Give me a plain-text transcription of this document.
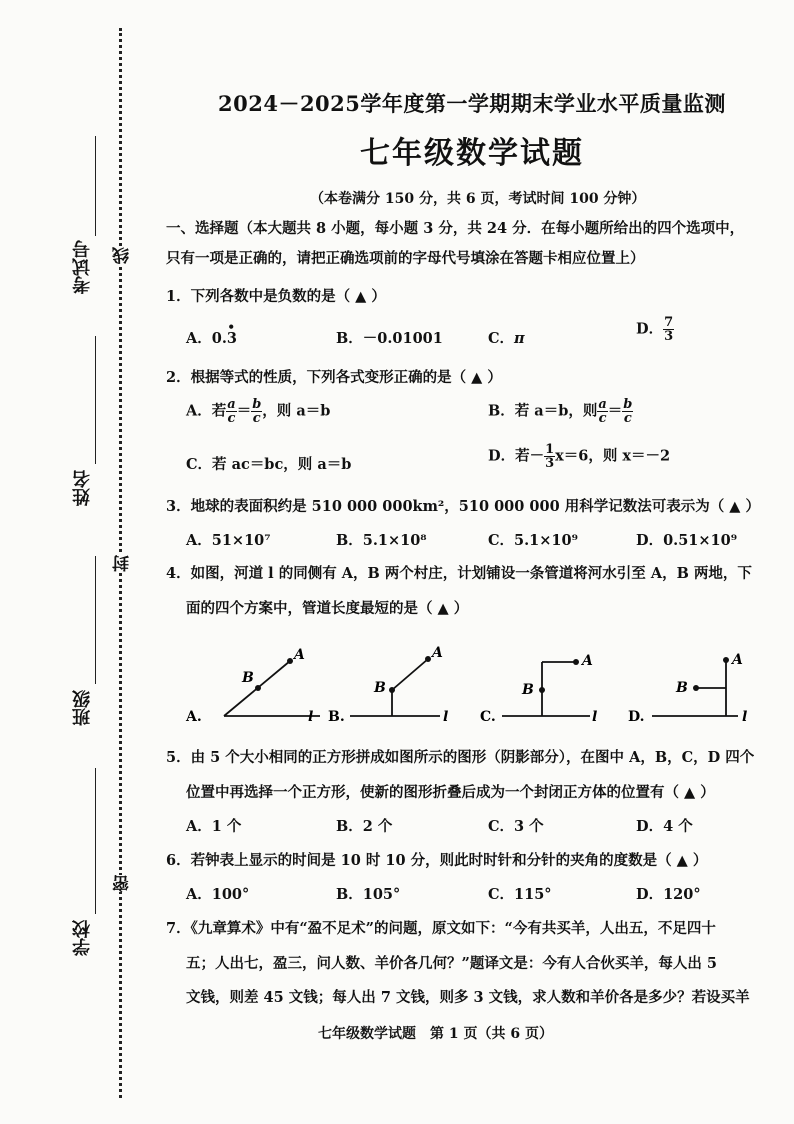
考试号
姓名
班级
学校
线
封
密
2024－2025学年度第一学期期末学业水平质量监测
七年级数学试题
（本卷满分 150 分，共 6 页，考试时间 100 分钟）
一、选择题（本大题共 8 小题，每小题 3 分，共 24 分．在每小题所给出的四个选项中，
只有一项是正确的，请把正确选项前的字母代号填涂在答题卡相应位置上）
1．下列各数中是负数的是（ ▲ ）
A．0.3
•
B．－0.01001	C．π
D． $\frac{7}{3}$
2．根据等式的性质，下列各式变形正确的是（ ▲ ）
A．若 $\frac{a}{c} = \frac{b}{c}$ ，则 a＝b	B．若 a＝b，则 $\frac{a}{c} = \frac{b}{c}$
C．若 ac＝bc，则 a＝b	D．若－ $\frac{1}{3} x=6$，则 x＝－2
3．地球的表面积约是 510 000 000km²，510 000 000 用科学记数法可表示为（ ▲ ）
A．51×10⁷	B．5.1×10⁸	C．5.1×10⁹	D．0.51×10⁹
4．如图，河道 l 的同侧有 A，B 两个村庄，计划铺设一条管道将河水引至 A，B 两地，下
面的四个方案中，管道长度最短的是（ ▲ ）
A.
A
B
l B.
A
B
l C.
A
B
l D.
A
B
l
5．由 5 个大小相同的正方形拼成如图所示的图形（阴影部分），在图中 A，B，C，D 四个
位置中再选择一个正方形，使新的图形折叠后成为一个封闭正方体的位置有（ ▲ ）
A．1 个	B．2 个	C．3 个	D．4 个
6．若钟表上显示的时间是 10 时 10 分，则此时时针和分针的夹角的度数是（ ▲ ）
A．100°	B．105°	C．115°	D．120°
7．《九章算术》中有“盈不足术”的问题，原文如下：“今有共买羊，人出五，不足四十
五；人出七，盈三，问人数、羊价各几何？”题译文是：今有人合伙买羊，每人出 5
文钱，则差 45 文钱；每人出 7 文钱，则多 3 文钱，求人数和羊价各是多少？若设买羊
七年级数学试题　第 1 页（共 6 页）
